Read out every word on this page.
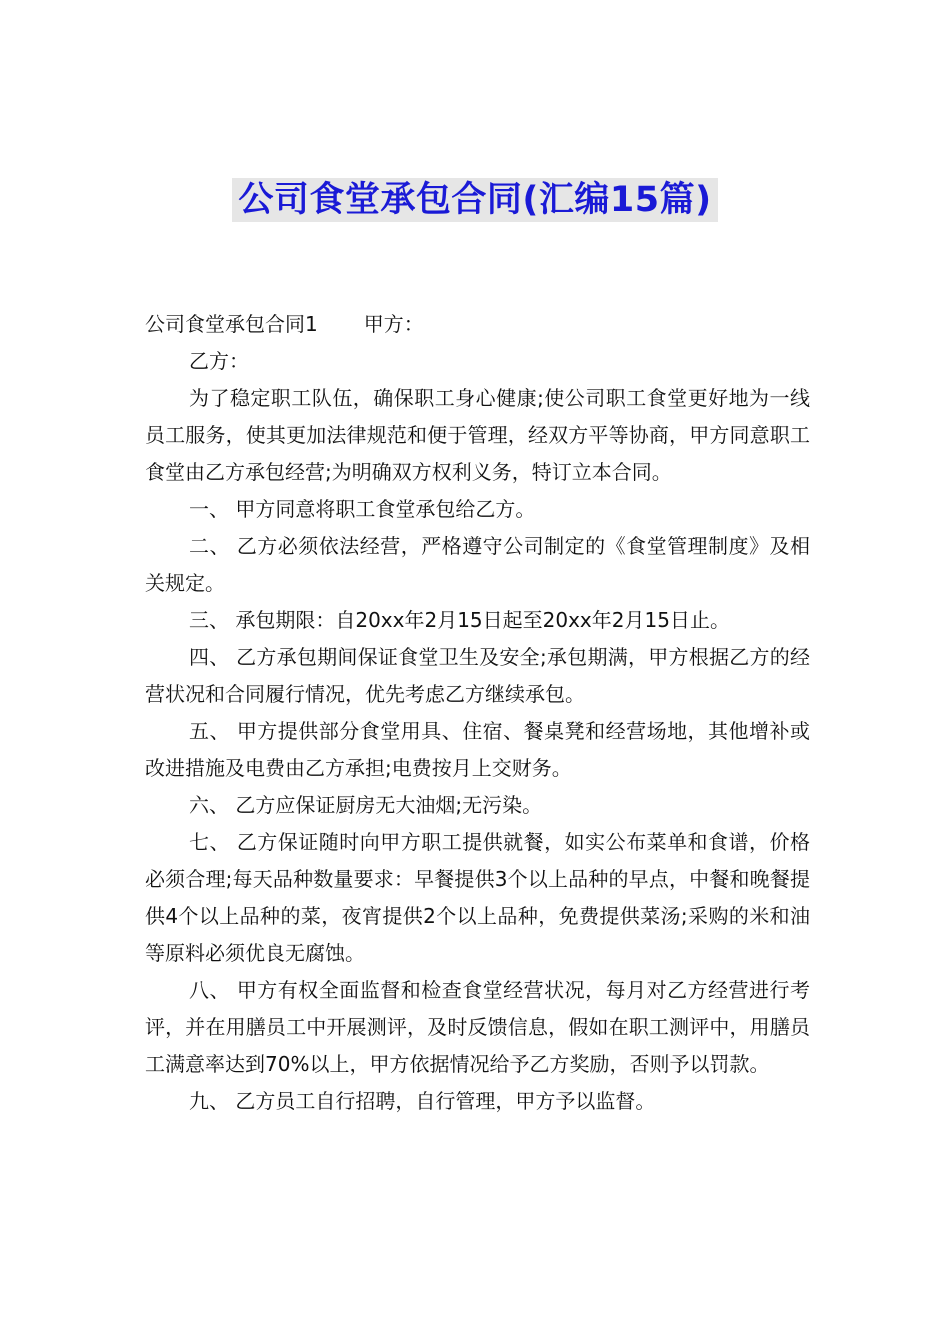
公司食堂承包合同(汇编15篇)

公司食堂承包合同1 甲方：

乙方：

为了稳定职工队伍，确保职工身心健康;使公司职工食堂更好地为一线员工服务，使其更加法律规范和便于管理，经双方平等协商，甲方同意职工食堂由乙方承包经营;为明确双方权利义务，特订立本合同。

一、 甲方同意将职工食堂承包给乙方。

二、 乙方必须依法经营，严格遵守公司制定的《食堂管理制度》及相关规定。

三、 承包期限：自20xx年2月15日起至20xx年2月15日止。

四、 乙方承包期间保证食堂卫生及安全;承包期满，甲方根据乙方的经营状况和合同履行情况，优先考虑乙方继续承包。

五、 甲方提供部分食堂用具、住宿、餐桌凳和经营场地，其他增补或改进措施及电费由乙方承担;电费按月上交财务。

六、 乙方应保证厨房无大油烟;无污染。

七、 乙方保证随时向甲方职工提供就餐，如实公布菜单和食谱，价格必须合理;每天品种数量要求：早餐提供3个以上品种的早点，中餐和晚餐提供4个以上品种的菜，夜宵提供2个以上品种，免费提供菜汤;采购的米和油等原料必须优良无腐蚀。

八、 甲方有权全面监督和检查食堂经营状况，每月对乙方经营进行考评，并在用膳员工中开展测评，及时反馈信息，假如在职工测评中，用膳员工满意率达到70%以上，甲方依据情况给予乙方奖励，否则予以罚款。

九、 乙方员工自行招聘，自行管理，甲方予以监督。
